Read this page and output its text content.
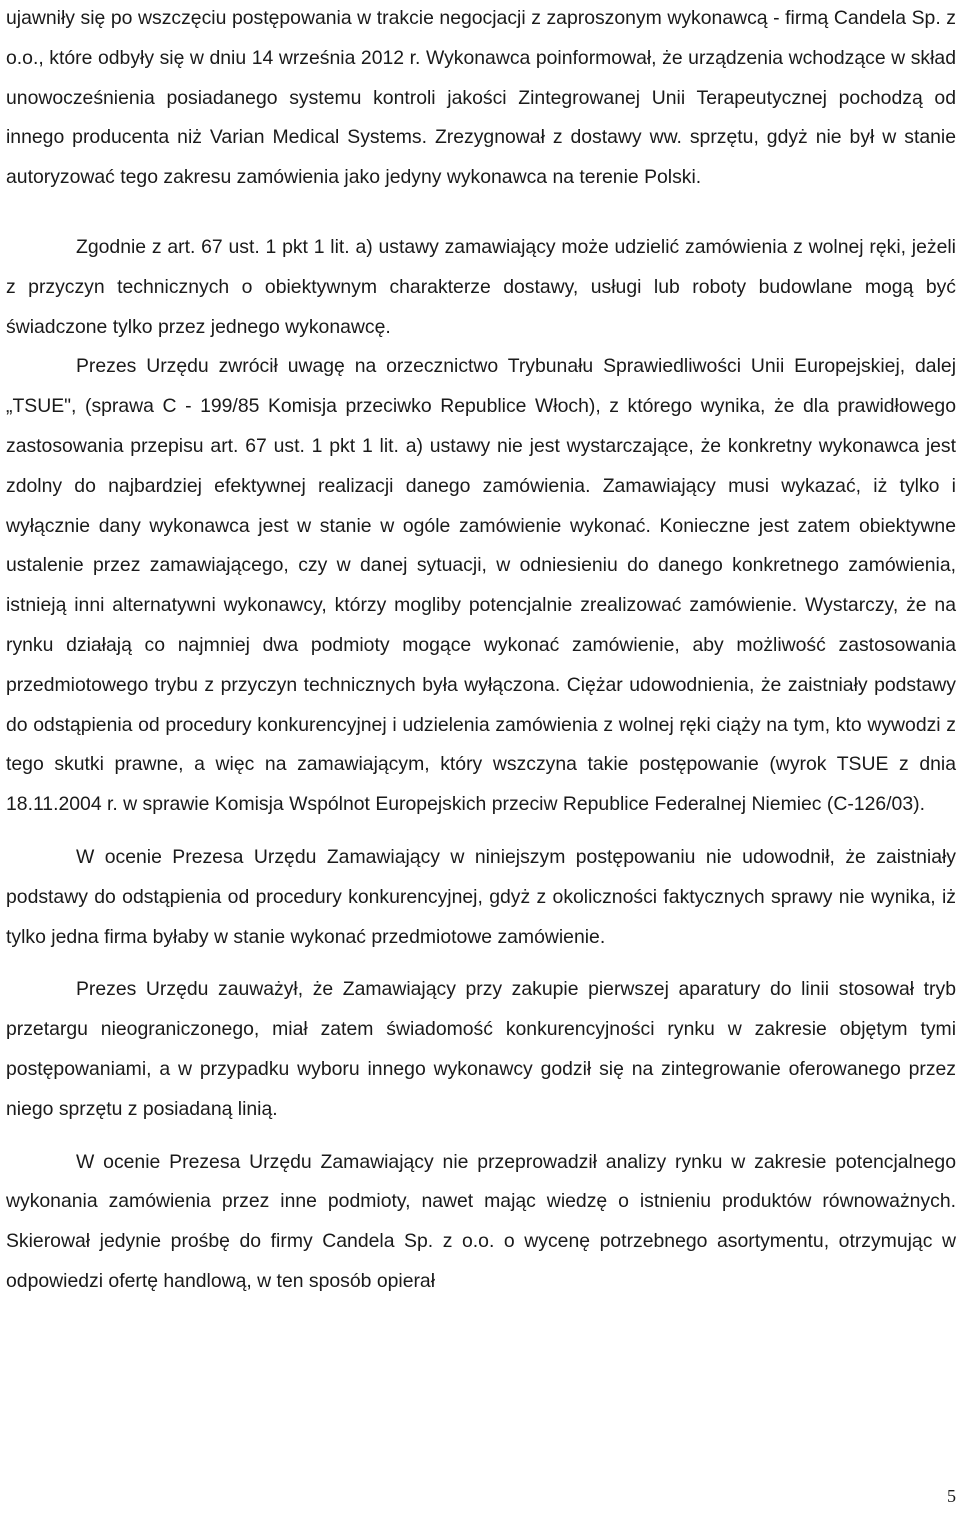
ujawniły się po wszczęciu postępowania w trakcie negocjacji z zaproszonym wykonawcą - firmą Candela Sp. z o.o., które odbyły się w dniu 14 września 2012 r. Wykonawca poinformował, że urządzenia wchodzące w skład unowocześnienia posiadanego systemu kontroli jakości Zintegrowanej Unii Terapeutycznej pochodzą od innego producenta niż Varian Medical Systems. Zrezygnował z dostawy ww. sprzętu, gdyż nie był w stanie autoryzować tego zakresu zamówienia jako jedyny wykonawca na terenie Polski.

Zgodnie z art. 67 ust. 1 pkt 1 lit. a) ustawy zamawiający może udzielić zamówienia z wolnej ręki, jeżeli z przyczyn technicznych o obiektywnym charakterze dostawy, usługi lub roboty budowlane mogą być świadczone tylko przez jednego wykonawcę.

Prezes Urzędu zwrócił uwagę na orzecznictwo Trybunału Sprawiedliwości Unii Europejskiej, dalej „TSUE", (sprawa C - 199/85 Komisja przeciwko Republice Włoch), z którego wynika, że dla prawidłowego zastosowania przepisu art. 67 ust. 1 pkt 1 lit. a) ustawy nie jest wystarczające, że konkretny wykonawca jest zdolny do najbardziej efektywnej realizacji danego zamówienia. Zamawiający musi wykazać, iż tylko i wyłącznie dany wykonawca jest w stanie w ogóle zamówienie wykonać. Konieczne jest zatem obiektywne ustalenie przez zamawiającego, czy w danej sytuacji, w odniesieniu do danego konkretnego zamówienia, istnieją inni alternatywni wykonawcy, którzy mogliby potencjalnie zrealizować zamówienie. Wystarczy, że na rynku działają co najmniej dwa podmioty mogące wykonać zamówienie, aby możliwość zastosowania przedmiotowego trybu z przyczyn technicznych była wyłączona. Ciężar udowodnienia, że zaistniały podstawy do odstąpienia od procedury konkurencyjnej i udzielenia zamówienia z wolnej ręki ciąży na tym, kto wywodzi z tego skutki prawne, a więc na zamawiającym, który wszczyna takie postępowanie (wyrok TSUE z dnia 18.11.2004 r. w sprawie Komisja Wspólnot Europejskich przeciw Republice Federalnej Niemiec (C-126/03).

W ocenie Prezesa Urzędu Zamawiający w niniejszym postępowaniu nie udowodnił, że zaistniały podstawy do odstąpienia od procedury konkurencyjnej, gdyż z okoliczności faktycznych sprawy nie wynika, iż tylko jedna firma byłaby w stanie wykonać przedmiotowe zamówienie.

Prezes Urzędu zauważył, że Zamawiający przy zakupie pierwszej aparatury do linii stosował tryb przetargu nieograniczonego, miał zatem świadomość konkurencyjności rynku w zakresie objętym tymi postępowaniami, a w przypadku wyboru innego wykonawcy godził się na zintegrowanie oferowanego przez niego sprzętu z posiadaną linią.

W ocenie Prezesa Urzędu Zamawiający nie przeprowadził analizy rynku w zakresie potencjalnego wykonania zamówienia przez inne podmioty, nawet mając wiedzę o istnieniu produktów równoważnych. Skierował jedynie prośbę do firmy Candela Sp. z o.o. o wycenę potrzebnego asortymentu, otrzymując w odpowiedzi ofertę handlową, w ten sposób opierał

5
